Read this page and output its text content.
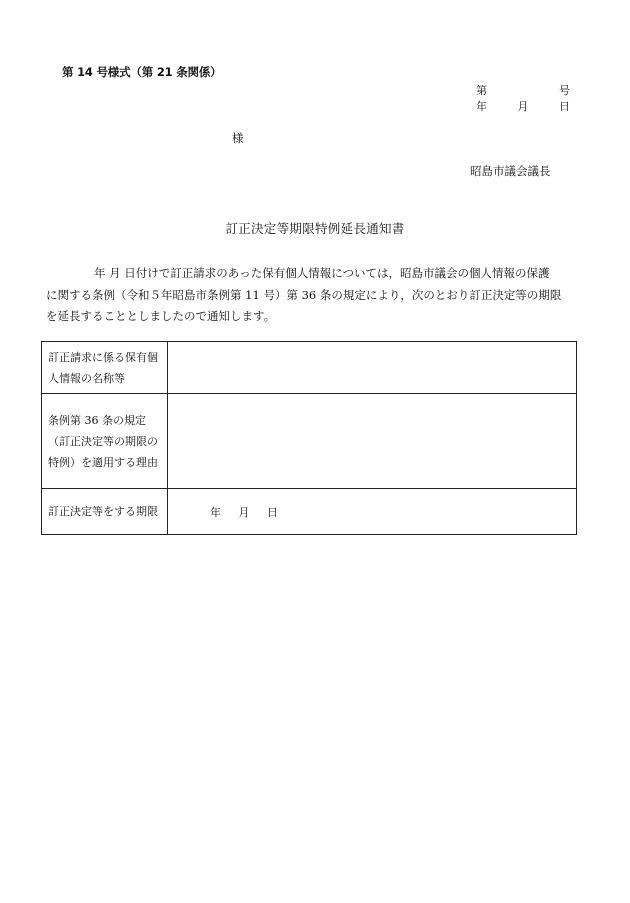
第 14 号様式（第 21 条関係）
第	号
年	月	日
様
昭島市議会議長
訂正決定等期限特例延長通知書
年 月 日付けで訂正請求のあった保有個人情報については，昭島市議会の個人情報の保護
に関する条例（令和５年昭島市条例第 11 号）第 36 条の規定により，次のとおり訂正決定等の期限
を延長することとしましたので通知します。
訂正請求に係る保有個人情報の名称等	
条例第 36 条の規定（訂正決定等の期限の特例）を適用する理由	
訂正決定等をする期限	年 月 日
